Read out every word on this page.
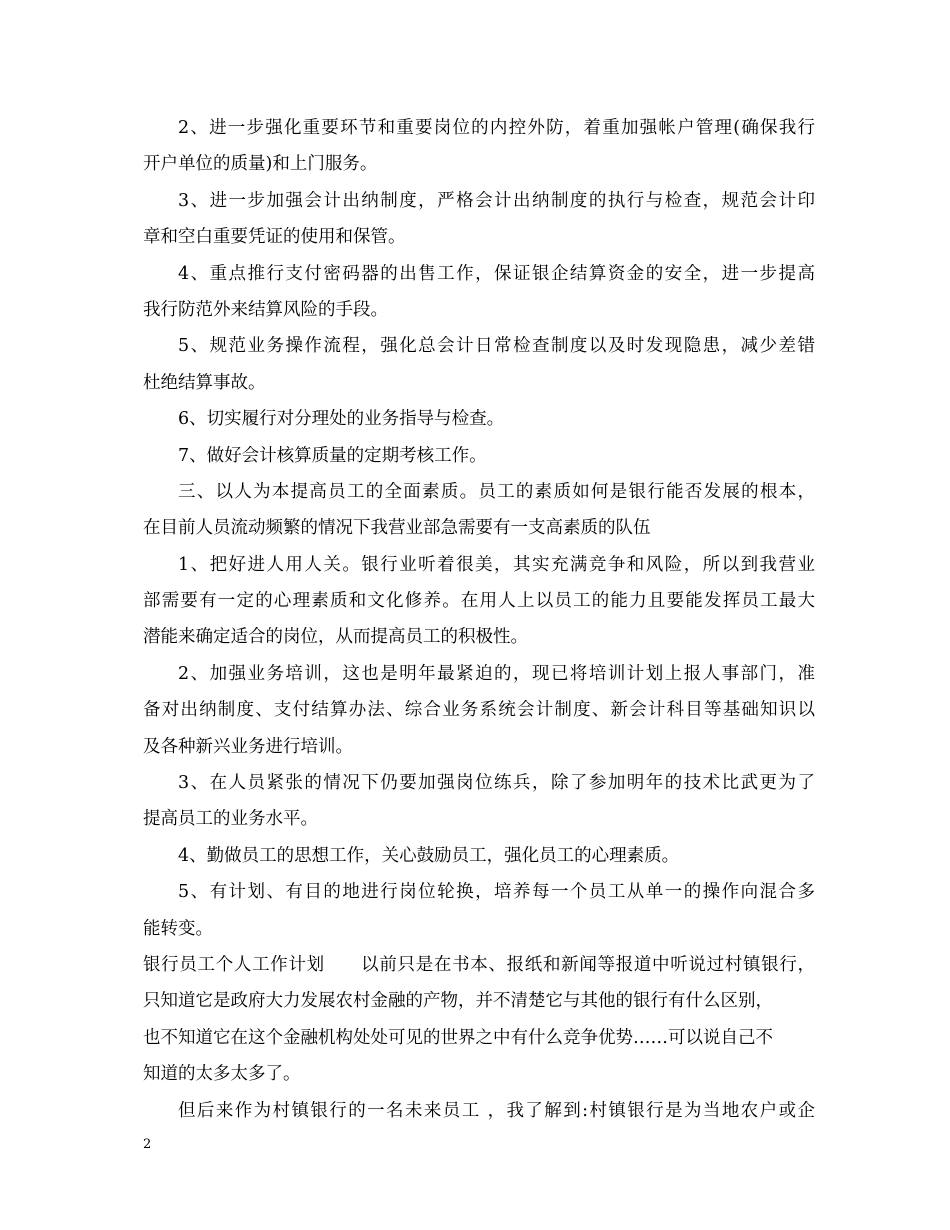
2、进一步强化重要环节和重要岗位的内控外防，着重加强帐户管理(确保我行
开户单位的质量)和上门服务。
3、进一步加强会计出纳制度，严格会计出纳制度的执行与检查，规范会计印
章和空白重要凭证的使用和保管。
4、重点推行支付密码器的出售工作，保证银企结算资金的安全，进一步提高
我行防范外来结算风险的手段。
5、规范业务操作流程，强化总会计日常检查制度以及时发现隐患，减少差错
杜绝结算事故。
6、切实履行对分理处的业务指导与检查。
7、做好会计核算质量的定期考核工作。
三、以人为本提高员工的全面素质。员工的素质如何是银行能否发展的根本，
在目前人员流动频繁的情况下我营业部急需要有一支高素质的队伍
1、把好进人用人关。银行业听着很美，其实充满竞争和风险，所以到我营业
部需要有一定的心理素质和文化修养。在用人上以员工的能力且要能发挥员工最大
潜能来确定适合的岗位，从而提高员工的积极性。
2、加强业务培训，这也是明年最紧迫的，现已将培训计划上报人事部门，准
备对出纳制度、支付结算办法、综合业务系统会计制度、新会计科目等基础知识以
及各种新兴业务进行培训。
3、在人员紧张的情况下仍要加强岗位练兵，除了参加明年的技术比武更为了
提高员工的业务水平。
4、勤做员工的思想工作，关心鼓励员工，强化员工的心理素质。
5、有计划、有目的地进行岗位轮换，培养每一个员工从单一的操作向混合多
能转变。
银行员工个人工作计划　　以前只是在书本、报纸和新闻等报道中听说过村镇银行，
只知道它是政府大力发展农村金融的产物，并不清楚它与其他的银行有什么区别，
也不知道它在这个金融机构处处可见的世界之中有什么竞争优势……可以说自己不
知道的太多太多了。
但后来作为村镇银行的一名未来员工 ，我了解到:村镇银行是为当地农户或企
2
